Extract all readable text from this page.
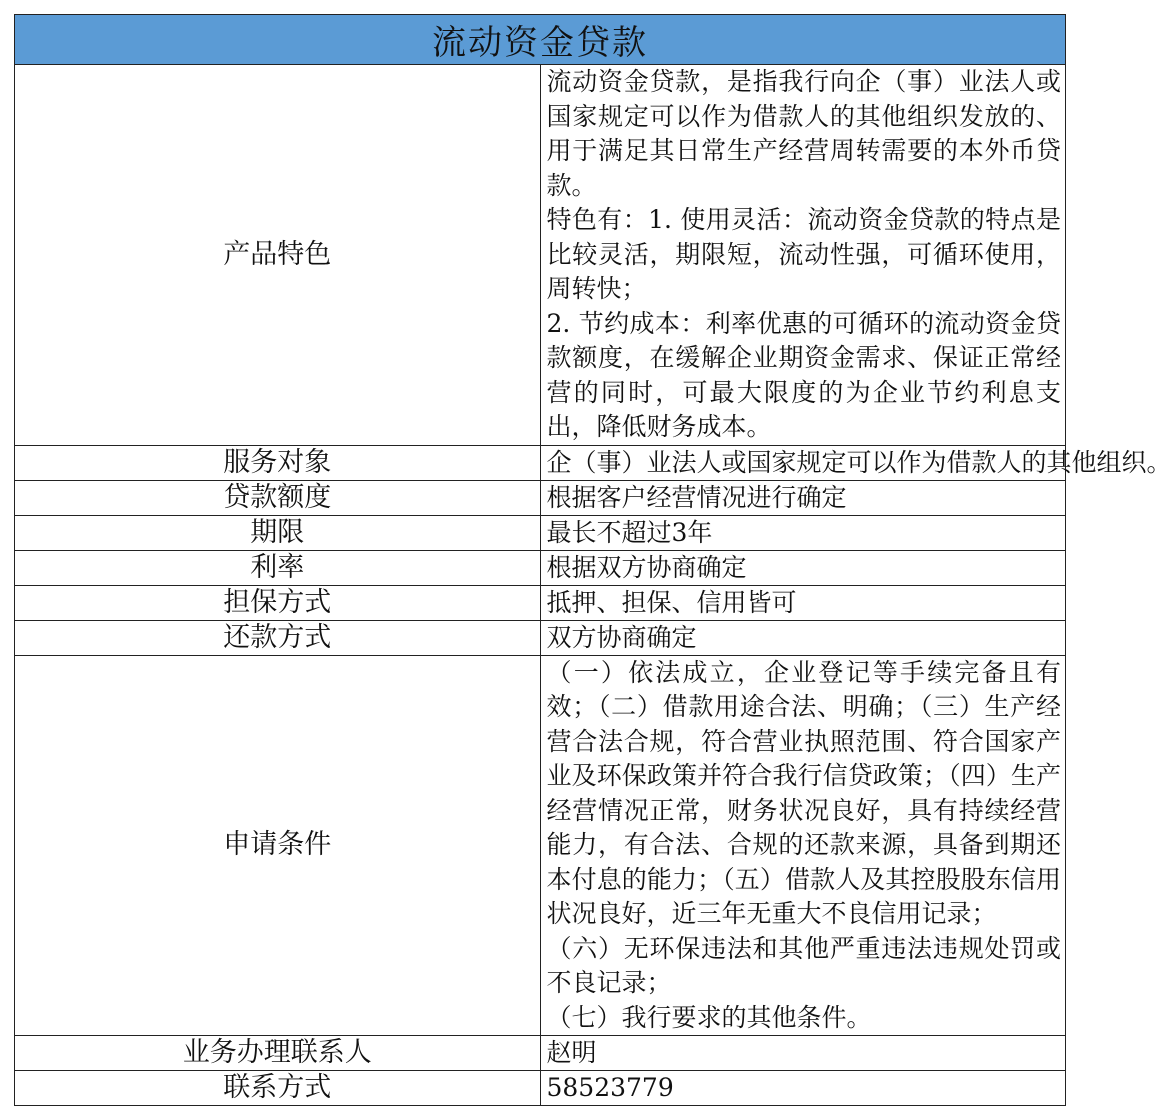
流动资金贷款	
产品特色	流动资金贷款，是指我行向企（事）业法人或国家规定可以作为借款人的其他组织发放的、用于满足其日常生产经营周转需要的本外币贷款。
特色有：1. 使用灵活：流动资金贷款的特点是比较灵活，期限短，流动性强，可循环使用，周转快；
2. 节约成本：利率优惠的可循环的流动资金贷款额度，在缓解企业期资金需求、保证正常经营的同时，可最大限度的为企业节约利息支出，降低财务成本。

服务对象	企（事）业法人或国家规定可以作为借款人的其他组织。
贷款额度	根据客户经营情况进行确定
期限	最长不超过3年
利率	根据双方协商确定
担保方式	抵押、担保、信用皆可
还款方式	双方协商确定
申请条件	（一）依法成立，企业登记等手续完备且有效；（二）借款用途合法、明确；（三）生产经营合法合规，符合营业执照范围、符合国家产业及环保政策并符合我行信贷政策；（四）生产经营情况正常，财务状况良好，具有持续经营能力，有合法、合规的还款来源，具备到期还本付息的能力；（五）借款人及其控股股东信用状况良好，近三年无重大不良信用记录；
（六）无环保违法和其他严重违法违规处罚或不良记录；
（七）我行要求的其他条件。

业务办理联系人	赵明
联系方式	58523779
